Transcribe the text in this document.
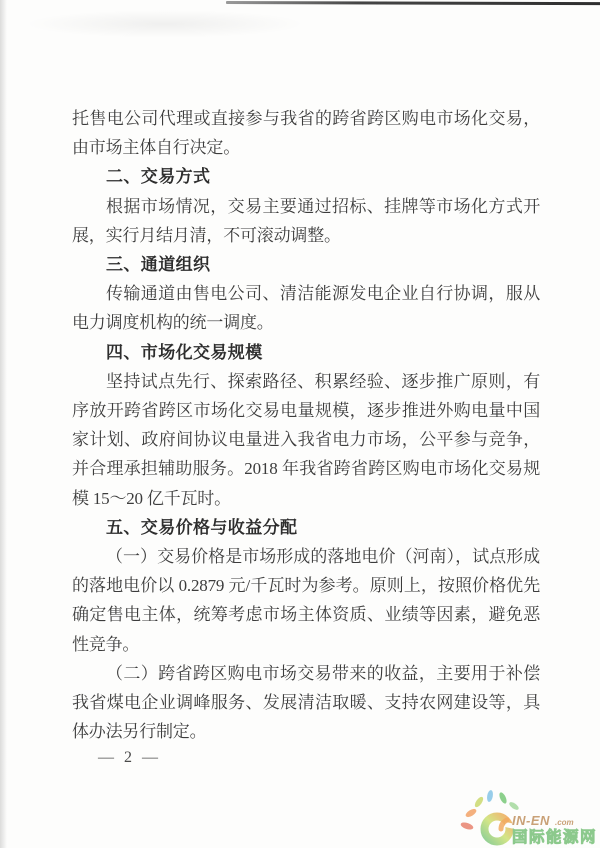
托售电公司代理或直接参与我省的跨省跨区购电市场化交易，由市场主体自行决定。

二、交易方式

根据市场情况，交易主要通过招标、挂牌等市场化方式开展，实行月结月清，不可滚动调整。

三、通道组织

传输通道由售电公司、清洁能源发电企业自行协调，服从电力调度机构的统一调度。

四、市场化交易规模

坚持试点先行、探索路径、积累经验、逐步推广原则，有序放开跨省跨区市场化交易电量规模，逐步推进外购电量中国家计划、政府间协议电量进入我省电力市场，公平参与竞争，并合理承担辅助服务。2018 年我省跨省跨区购电市场化交易规模 15～20 亿千瓦时。

五、交易价格与收益分配

（一）交易价格是市场形成的落地电价（河南），试点形成的落地电价以 0.2879 元/千瓦时为参考。原则上，按照价格优先确定售电主体，统筹考虑市场主体资质、业绩等因素，避免恶性竞争。

（二）跨省跨区购电市场交易带来的收益，主要用于补偿我省煤电企业调峰服务、发展清洁取暖、支持农网建设等，具体办法另行制定。

— 2 —
IN-EN .com
国际能源网
